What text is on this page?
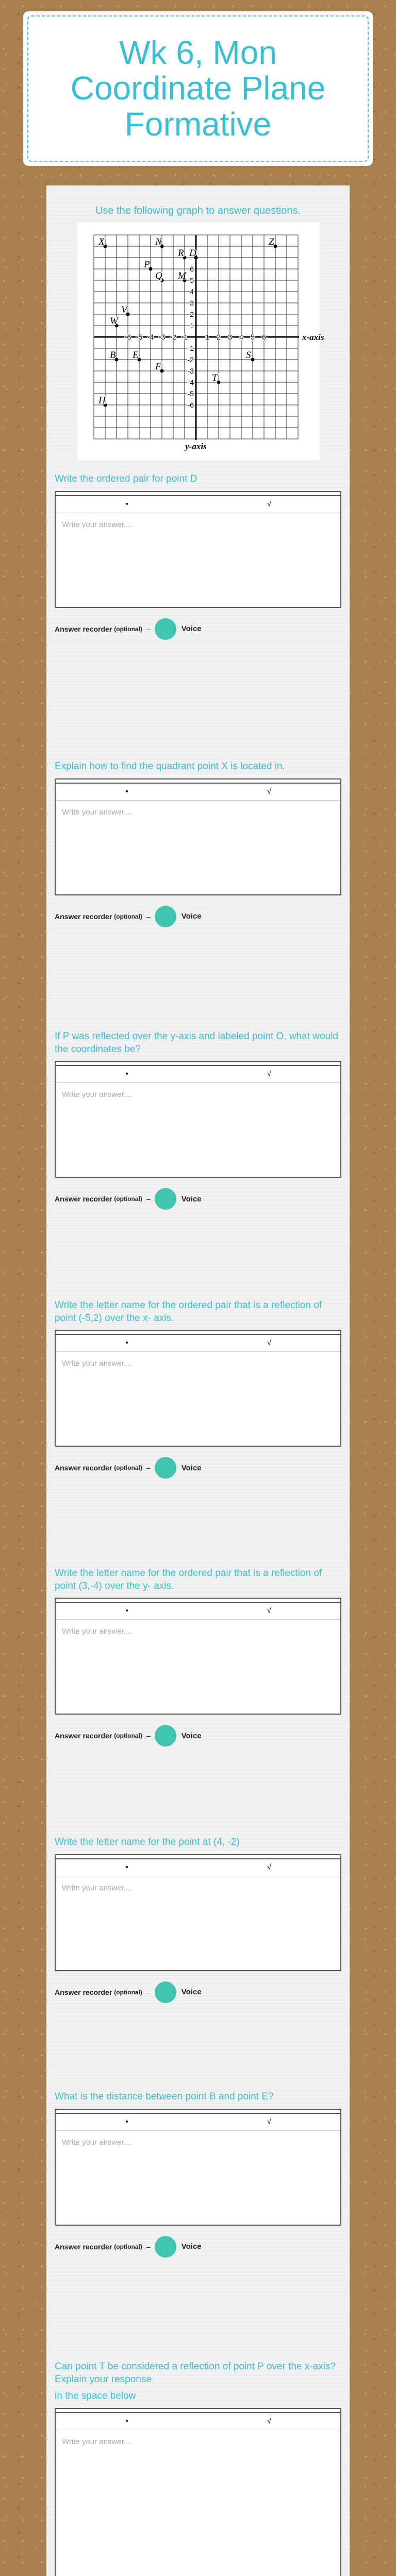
Wk 6, Mon
Coordinate Plane
Formative
Use the following graph to answer questions.
-6 -5 -4 -3 -2 -1 1 2 3 4 5 6
-6
-5
-4
-3
-2
-1
1
2
3
4
5
6
x-axis
y-axis
X	N
R D
Z
P
M
Q
V
W
B E
F
S
T
H
Write the ordered pair for point D
•	√
Write your answer....
Answer recorder (optional) –	Voice
Explain how to find the quadrant point X is located in.
•	√
Write your answer....
Answer recorder (optional) –	Voice
If P was reflected over the y-axis and labeled point O, what would the coordinates be?
•	√
Write your answer....
Answer recorder (optional) –	Voice
Write the letter name for the ordered pair that is a reflection of point (-5,2) over the x- axis.
•	√
Write your answer....
Answer recorder (optional) –	Voice
Write the letter name for the ordered pair that is a reflection of point (3,-4) over the y- axis.
•	√
Write your answer....
Answer recorder (optional) –	Voice
Write the letter name for the point at (4, -2)
•	√
Write your answer....
Answer recorder (optional) –	Voice
What is the distance between point B and point E?
•	√
Write your answer....
Answer recorder (optional) –	Voice
Can point T be considered a reflection of point P over the x-axis? Explain your response
in the space below
•	√
Write your answer....
